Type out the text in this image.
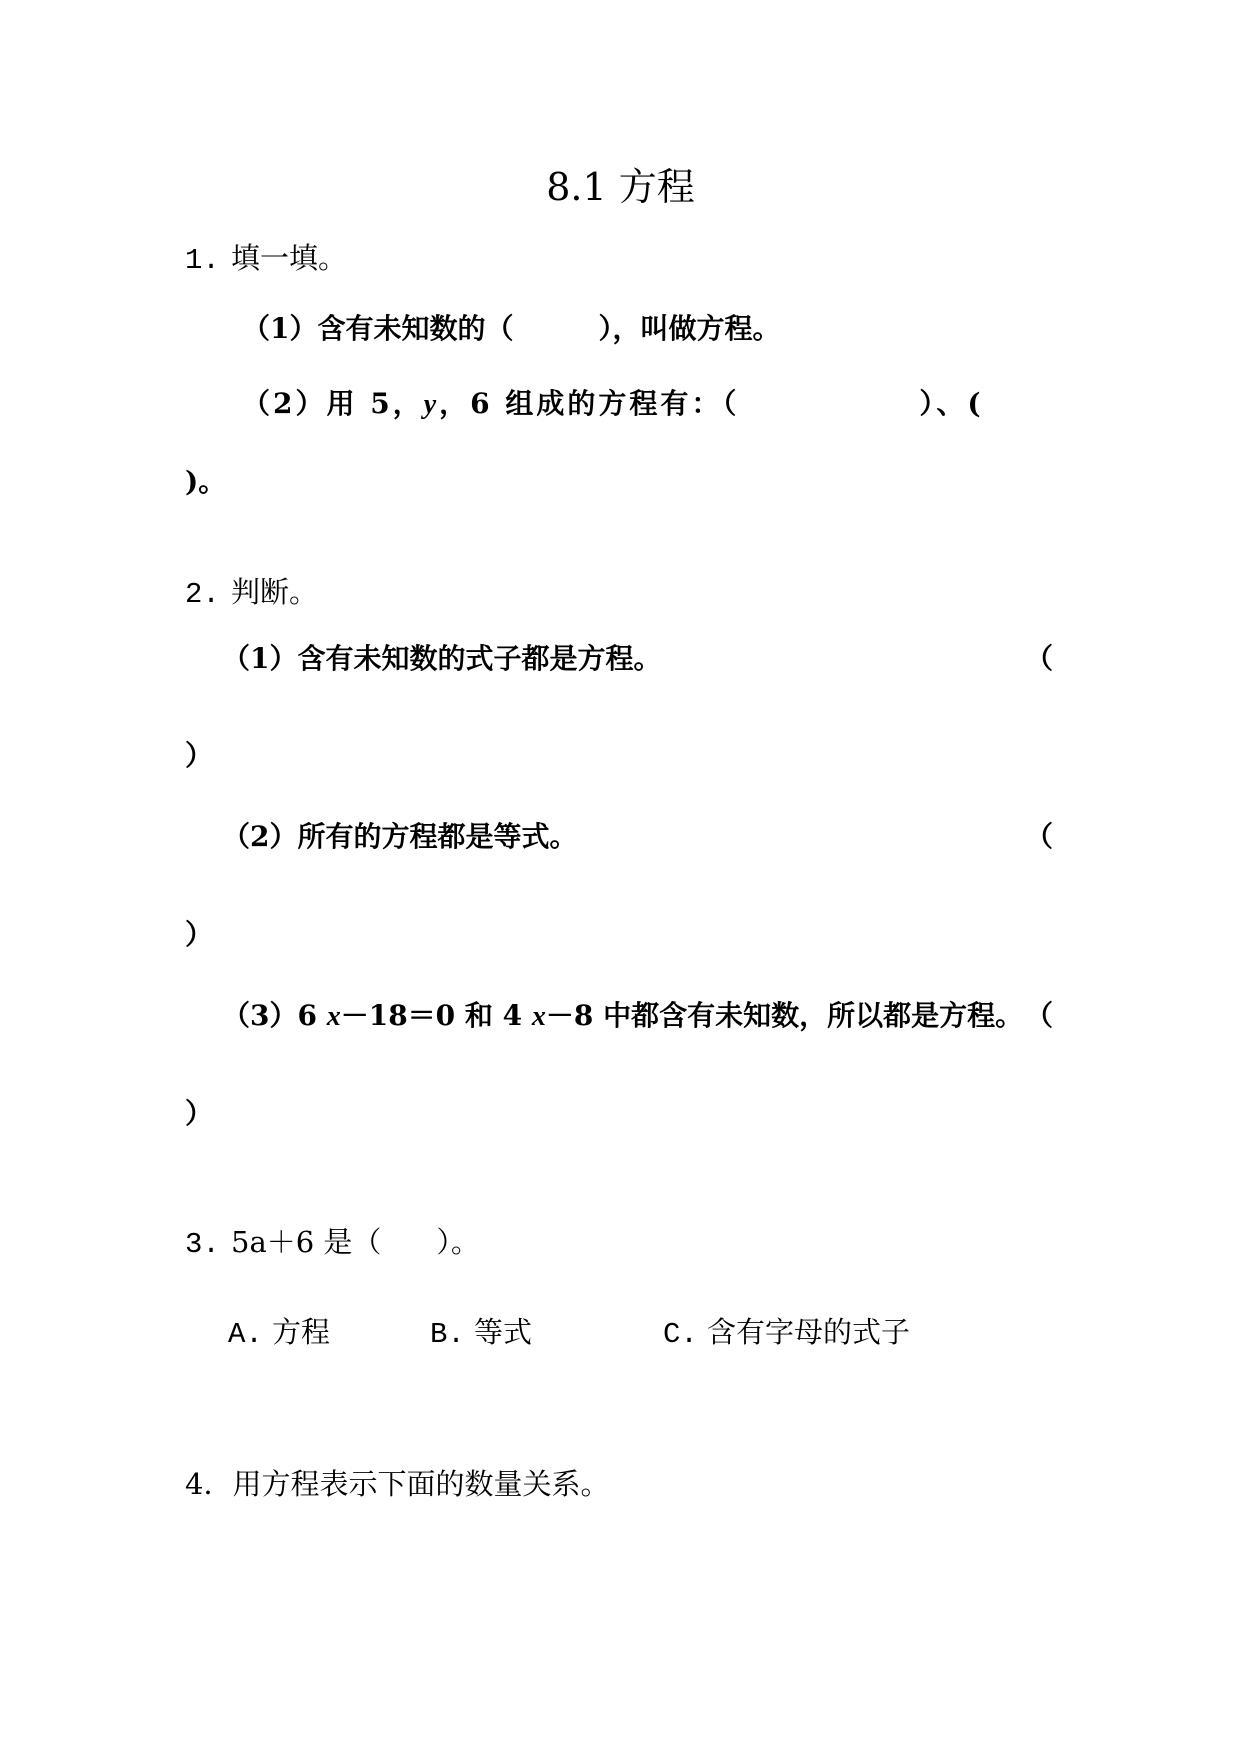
8.1 方程
1. 填一填。
（1）含有未知数的（	），叫做方程。
（2）用 5，y，6 组成的方程有：（	）、(
)。
2. 判断。
（1）含有未知数的式子都是方程。	（
）
（2）所有的方程都是等式。	（
）
（3）6 x－18＝0 和 4 x－8 中都含有未知数，所以都是方程。 （
）
3. 5a＋6 是（ ）。
A. 方程	B. 等式	C. 含有字母的式子
4．用方程表示下面的数量关系。
